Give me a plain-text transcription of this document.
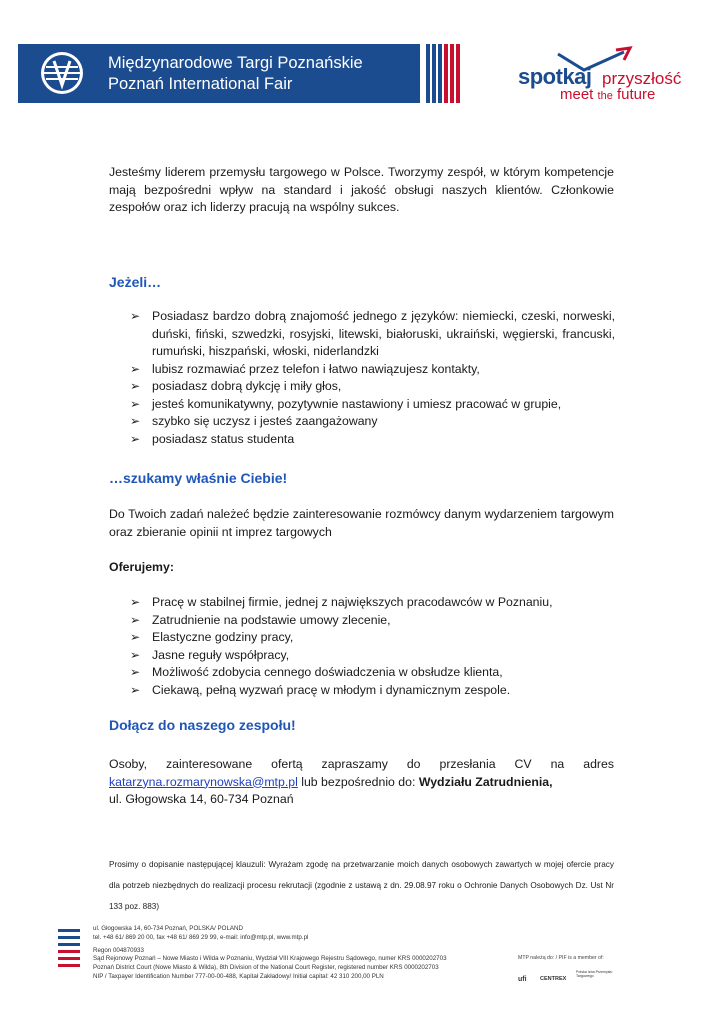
Międzynarodowe Targi Poznańskie
Poznań International Fair	spotkaj przyszłość
meet the future

Jesteśmy liderem przemysłu targowego w Polsce. Tworzymy zespół, w którym kompetencje mają bezpośredni wpływ na standard i jakość obsługi naszych klientów. Członkowie zespołów oraz ich liderzy pracują na wspólny sukces.

Jeżeli…
➢ Posiadasz bardzo dobrą znajomość jednego z języków: niemiecki, czeski, norweski, duński, fiński, szwedzki, rosyjski, litewski, białoruski, ukraiński, węgierski, francuski, rumuński, hiszpański, włoski, niderlandzki
➢ lubisz rozmawiać przez telefon i łatwo nawiązujesz kontakty,
➢ posiadasz dobrą dykcję i miły głos,
➢ jesteś komunikatywny, pozytywnie nastawiony i umiesz pracować w grupie,
➢ szybko się uczysz i jesteś zaangażowany
➢ posiadasz status studenta
…szukamy właśnie Ciebie!

Do Twoich zadań należeć będzie zainteresowanie rozmówcy danym wydarzeniem targowym oraz zbieranie opinii nt imprez targowych

Oferujemy:
➢ Pracę w stabilnej firmie, jednej z największych pracodawców w Poznaniu,
➢ Zatrudnienie na podstawie umowy zlecenie,
➢ Elastyczne godziny pracy,
➢ Jasne reguły współpracy,
➢ Możliwość zdobycia cennego doświadczenia w obsłudze klienta,
➢ Ciekawą, pełną wyzwań pracę w młodym i dynamicznym zespole.
Dołącz do naszego zespołu!

Osoby, zainteresowane ofertą zapraszamy do przesłania CV na adres katarzyna.rozmarynowska@mtp.pl lub bezpośrednio do: Wydziału Zatrudnienia,
ul. Głogowska 14, 60-734 Poznań

Prosimy o dopisanie następującej klauzuli: Wyrażam zgodę na przetwarzanie moich danych osobowych zawartych w mojej ofercie pracy dla potrzeb niezbędnych do realizacji procesu rekrutacji (zgodnie z ustawą z dn. 29.08.97 roku o Ochronie Danych Osobowych Dz. Ust Nr 133 poz. 883)

ul. Głogowska 14, 60-734 Poznań, POLSKA/ POLAND
tel. +48 61/ 869 20 00, fax +48 61/ 869 29 99, e-mail: info@mtp.pl, www.mtp.pl
Regon 004870933
Sąd Rejonowy Poznań – Nowe Miasto i Wilda w Poznaniu, Wydział VIII Krajowego Rejestru Sądowego, numer KRS 0000202703
Poznań District Court (Nowe Miasto & Wilda), 8th Division of the National Court Register, registered number KRS 0000202703
NIP / Taxpayer Identification Number 777-00-00-488, Kapitał Zakładowy/ Initial capital: 42 310 200,00 PLN
MTP należą do: / PIF is a member of:
ufi CENTREX
Polska Izba Przemysłu Targowego
